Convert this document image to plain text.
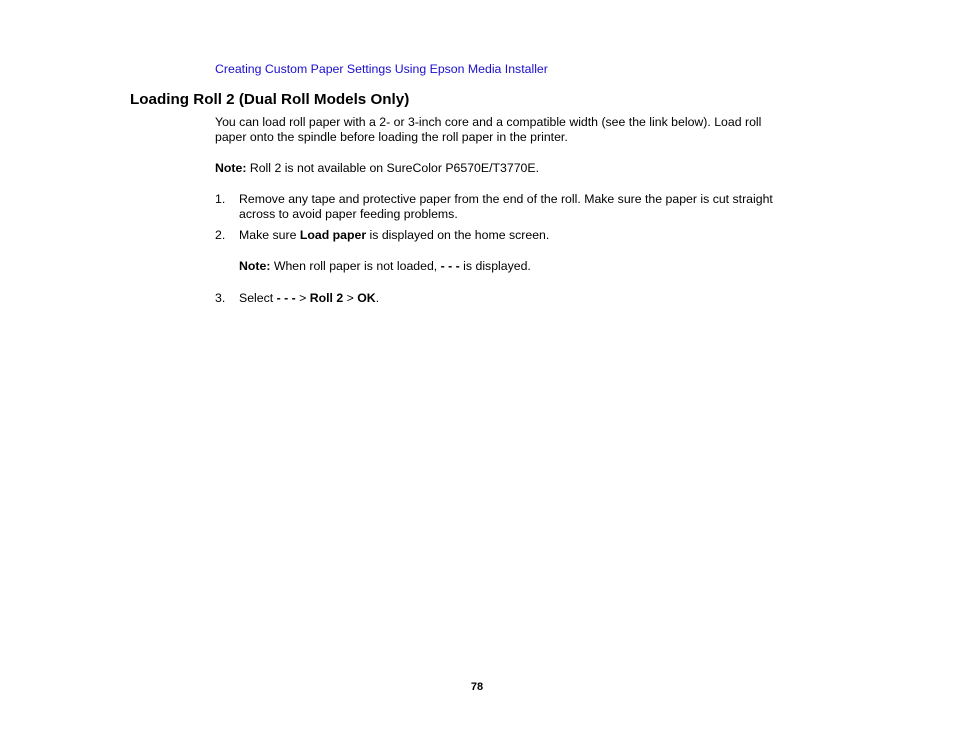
Creating Custom Paper Settings Using Epson Media Installer
Loading Roll 2 (Dual Roll Models Only)
You can load roll paper with a 2- or 3-inch core and a compatible width (see the link below). Load roll
paper onto the spindle before loading the roll paper in the printer.
Note: Roll 2 is not available on SureColor P6570E/T3770E.
1.	Remove any tape and protective paper from the end of the roll. Make sure the paper is cut straight
across to avoid paper feeding problems.
2.	Make sure Load paper is displayed on the home screen.
Note: When roll paper is not loaded, - - - is displayed.
3.	Select - - - > Roll 2 > OK.
78
